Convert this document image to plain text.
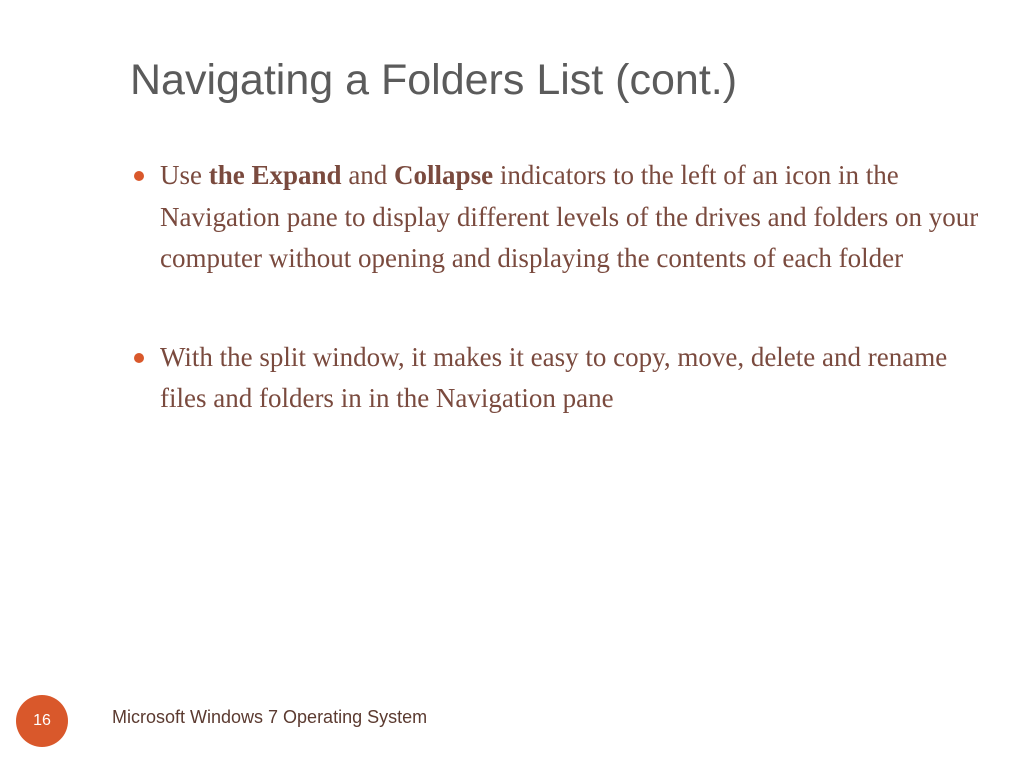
Navigating a Folders List (cont.)
Use the Expand and Collapse indicators to the left of an icon in the Navigation pane to display different levels of the drives and folders on your computer without opening and displaying the contents of each folder
With the split window, it makes it easy to copy, move, delete and rename files and folders in in the Navigation pane
16	Microsoft Windows 7 Operating System
